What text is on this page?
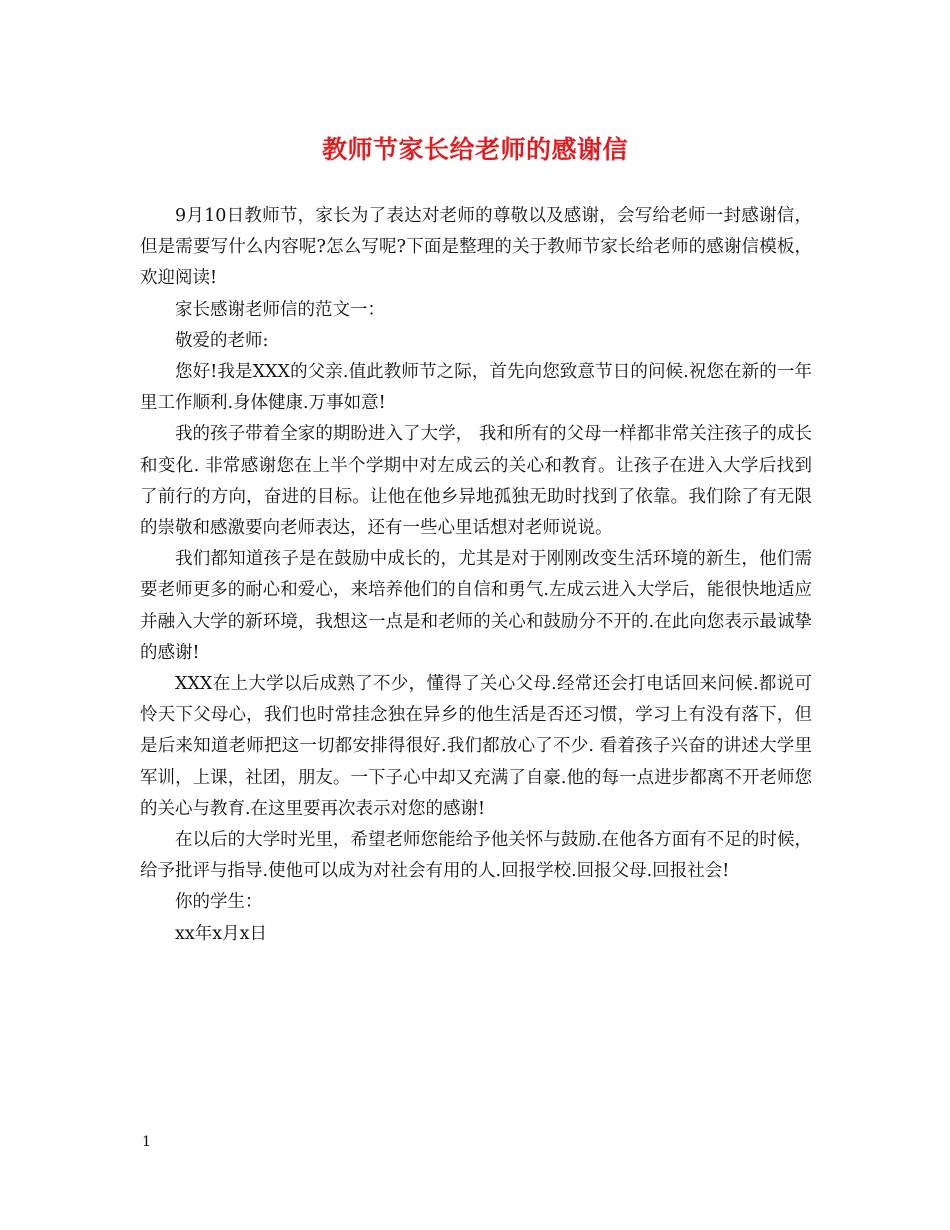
教师节家长给老师的感谢信

9月10日教师节，家长为了表达对老师的尊敬以及感谢，会写给老师一封感谢信，但是需要写什么内容呢?怎么写呢?下面是整理的关于教师节家长给老师的感谢信模板，欢迎阅读!

家长感谢老师信的范文一：

敬爱的老师:

您好!我是XXX的父亲.值此教师节之际，首先向您致意节日的问候.祝您在新的一年里工作顺利.身体健康.万事如意!

我的孩子带着全家的期盼进入了大学， 我和所有的父母一样都非常关注孩子的成长和变化. 非常感谢您在上半个学期中对左成云的关心和教育。让孩子在进入大学后找到了前行的方向，奋进的目标。让他在他乡异地孤独无助时找到了依靠。我们除了有无限的崇敬和感激要向老师表达，还有一些心里话想对老师说说。

我们都知道孩子是在鼓励中成长的，尤其是对于刚刚改变生活环境的新生，他们需要老师更多的耐心和爱心，来培养他们的自信和勇气.左成云进入大学后，能很快地适应并融入大学的新环境，我想这一点是和老师的关心和鼓励分不开的.在此向您表示最诚挚的感谢!

XXX在上大学以后成熟了不少，懂得了关心父母.经常还会打电话回来问候.都说可怜天下父母心，我们也时常挂念独在异乡的他生活是否还习惯，学习上有没有落下，但是后来知道老师把这一切都安排得很好.我们都放心了不少. 看着孩子兴奋的讲述大学里军训，上课，社团，朋友。一下子心中却又充满了自豪.他的每一点进步都离不开老师您的关心与教育.在这里要再次表示对您的感谢!

在以后的大学时光里，希望老师您能给予他关怀与鼓励.在他各方面有不足的时候，给予批评与指导.使他可以成为对社会有用的人.回报学校.回报父母.回报社会!

你的学生：

xx年x月x日

1
